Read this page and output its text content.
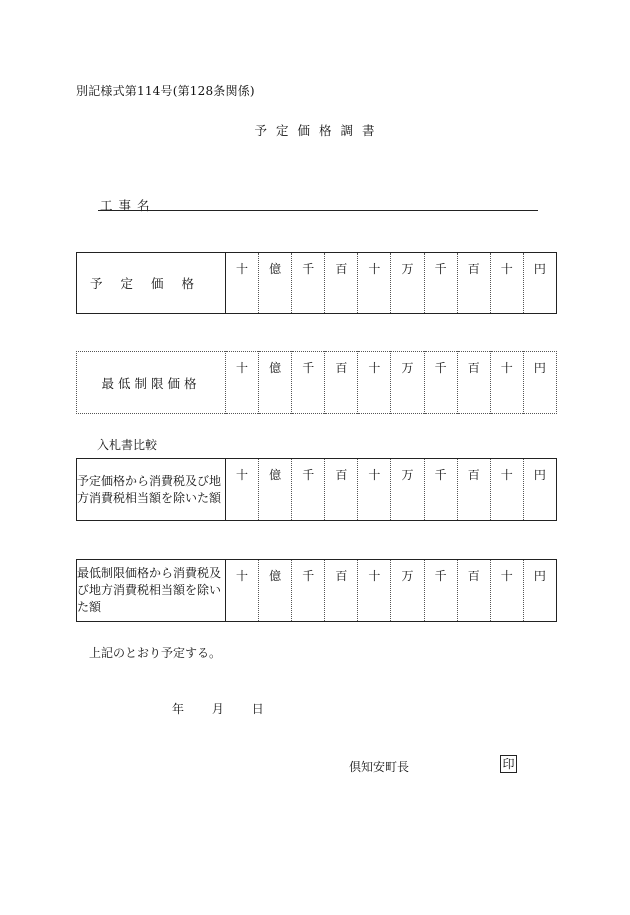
別記様式第114号(第128条関係)
予定価格調書
工事名
予定価格	十	億	千	百	十	万	千	百	十	円
最低制限価格	十	億	千	百	十	万	千	百	十	円
入札書比較
予定価格から消費税及び地方消費税相当額を除いた額	十	億	千	百	十	万	千	百	十	円
最低制限価格から消費税及び地方消費税相当額を除いた額	十	億	千	百	十	万	千	百	十	円
上記のとおり予定する。
年 月 日
倶知安町長	印
